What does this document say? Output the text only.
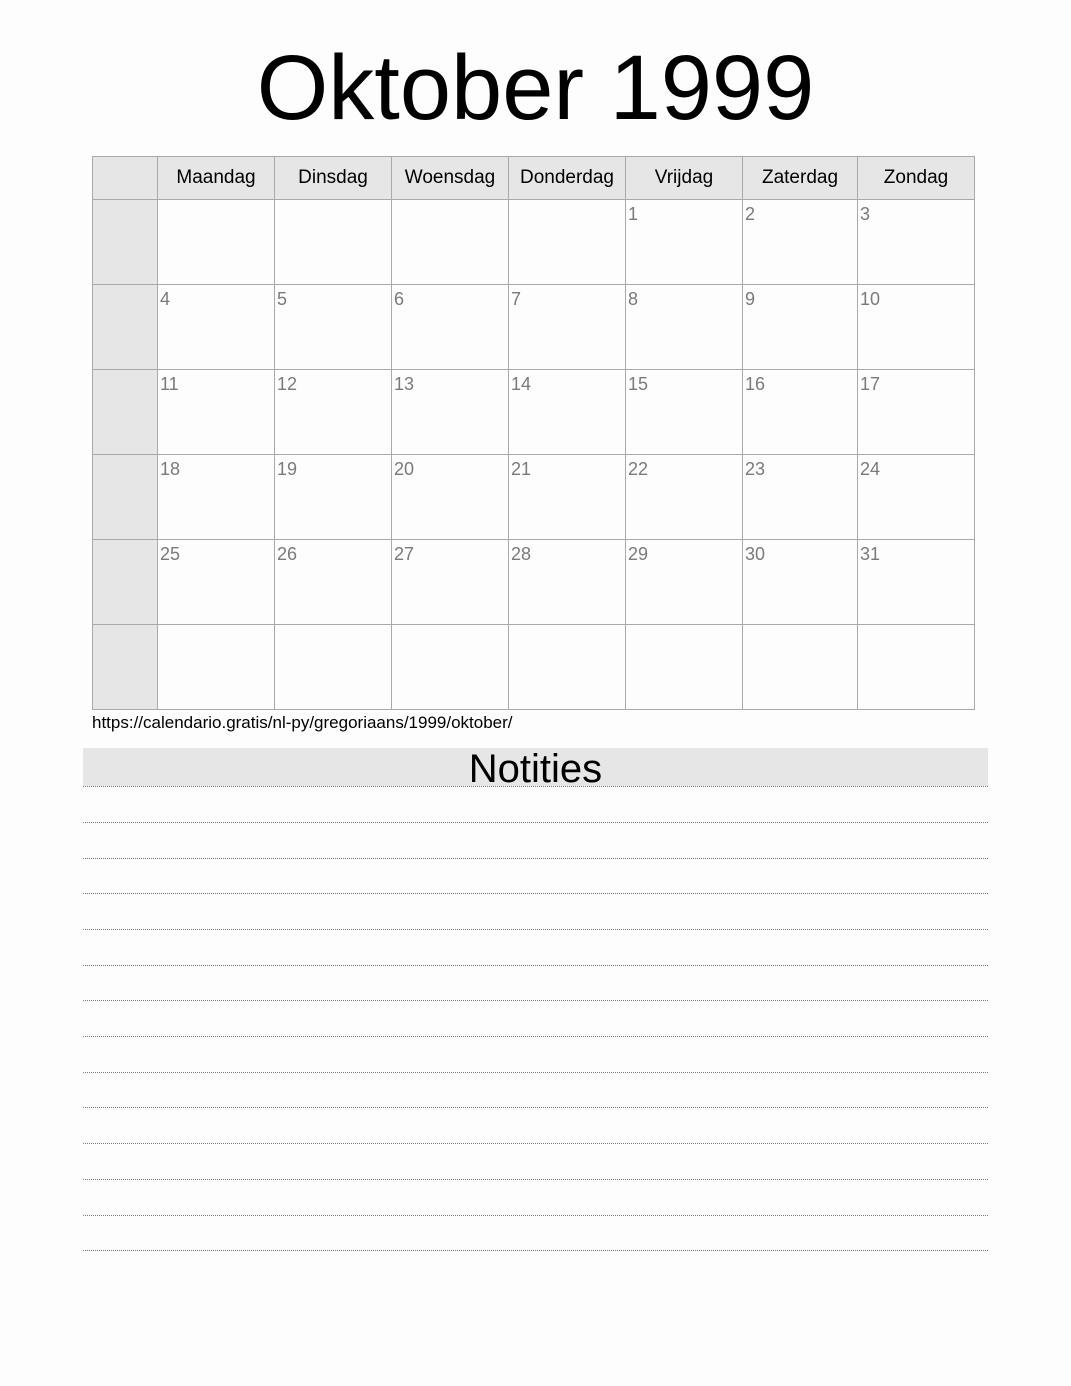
Oktober 1999
	Maandag	Dinsdag	Woensdag	Donderdag	Vrijdag	Zaterdag	Zondag

					1	2	3

	4	5	6	7	8	9	10

	11	12	13	14	15	16	17

	18	19	20	21	22	23	24

	25	26	27	28	29	30	31

https://calendario.gratis/nl-py/gregoriaans/1999/oktober/
Notities
